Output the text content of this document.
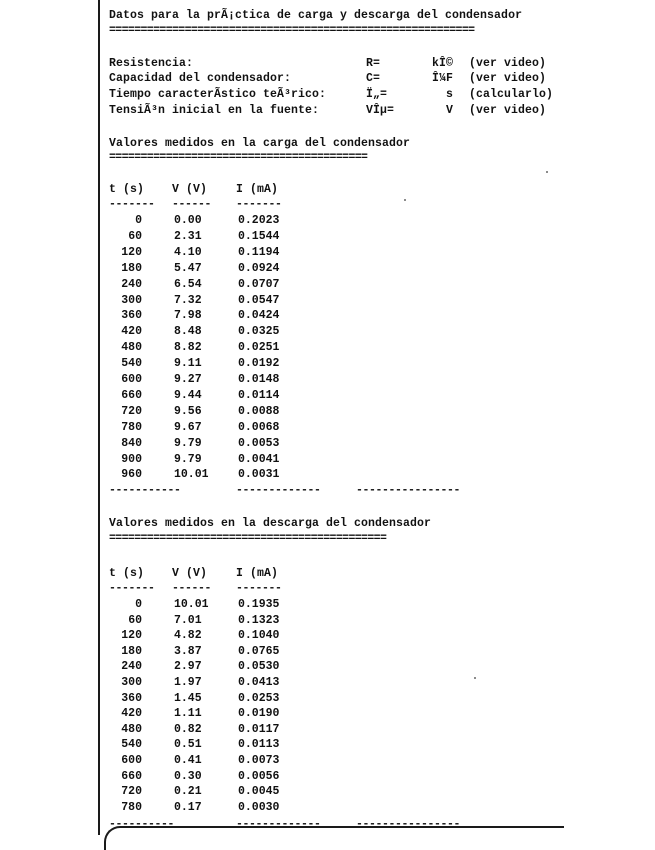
Datos para la prÃ¡ctica de carga y descarga del condensador
==========================================================
Resistencia:	R=	kÎ© (ver video)
Capacidad del condensador:	C=	Î¼F (ver video)
Tiempo caracterÃstico teÃ³rico:	Ï„=	s (calcularlo)
TensiÃ³n inicial en la fuente:	VÎµ=	V (ver video)
Valores medidos en la carga del condensador
=========================================
t (s) V (V)	I (mA)
------- ------ -------
0	0.00	0.2023
60	2.31	0.1544
120	4.10	0.1194
180	5.47	0.0924
240	6.54	0.0707
300	7.32	0.0547
360	7.98	0.0424
420	8.48	0.0325
480	8.82	0.0251
540	9.11	0.0192
600	9.27	0.0148
660	9.44	0.0114
720	9.56	0.0088
780	9.67	0.0068
840	9.79	0.0053
900	9.79	0.0041
960	10.01	0.0031
-----------	-------------	----------------
Valores medidos en la descarga del condensador
============================================
t (s) V (V)	I (mA)
------- ------ -------
0	10.01	0.1935
60	7.01	0.1323
120	4.82	0.1040
180	3.87	0.0765
240	2.97	0.0530
300	1.97	0.0413
360	1.45	0.0253
420	1.11	0.0190
480	0.82	0.0117
540	0.51	0.0113
600	0.41	0.0073
660	0.30	0.0056
720	0.21	0.0045
780	0.17	0.0030
----------	-------------	----------------
